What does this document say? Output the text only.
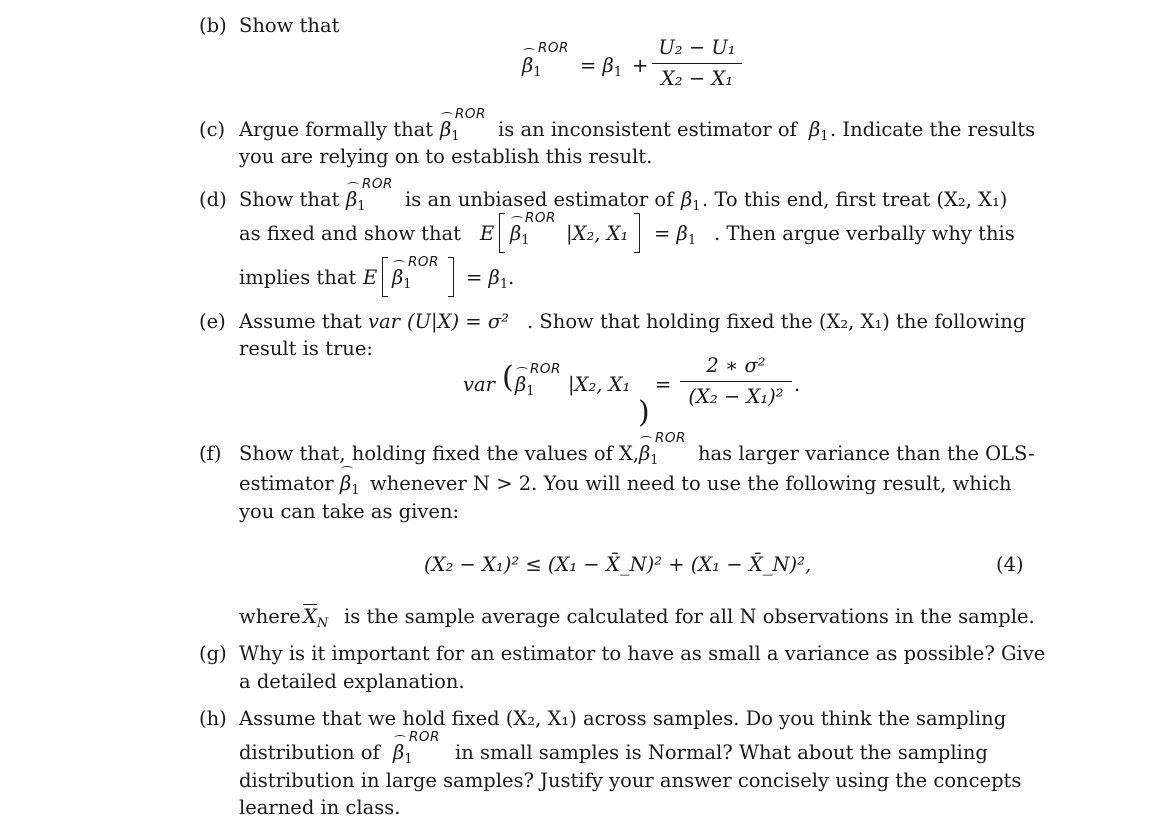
(b) Show that
$\beta_1$
ROR
= $\beta_1$ +
U₂ − U₁
X₂ − X₁
(c) Argue formally that $\beta_1$
ROR
is an inconsistent estimator of $\beta_1$ . Indicate the results
you are relying on to establish this result.
(d) Show that $\beta_1$
ROR
is an unbiased estimator of $\beta_1$ . To this end, first treat (X₂, X₁)
as fixed and show that E $\beta_1$
ROR
|X₂, $X_1 = \beta_1$ . Then argue verbally why this
implies that E $\beta_1$
ROR
= $\beta_1$.
(e) Assume that var (U|X) = σ² . Show that holding fixed the (X₂, X₁) the following
result is true:
var ( $\beta_1$
ROR
|X₂, X₁
)
=
2 ∗ σ²
(X₂ − X₁)²
.
(f) Show that, holding fixed the values of X, $\beta_1$
ROR
has larger variance than the OLS-
estimator $\beta_1$ whenever N > 2. You will need to use the following result, which
you can take as given:
(X₂ − X₁)² ≤ (X₁ − X̄_N)² + (X₁ − X̄_N)²,	(4)
where $\overline{X}_N$ is the sample average calculated for all N observations in the sample.
(g) Why is it important for an estimator to have as small a variance as possible? Give
a detailed explanation.
(h) Assume that we hold fixed (X₂, X₁) across samples. Do you think the sampling
distribution of $\beta_1$
ROR
in small samples is Normal? What about the sampling
distribution in large samples? Justify your answer concisely using the concepts
learned in class.
